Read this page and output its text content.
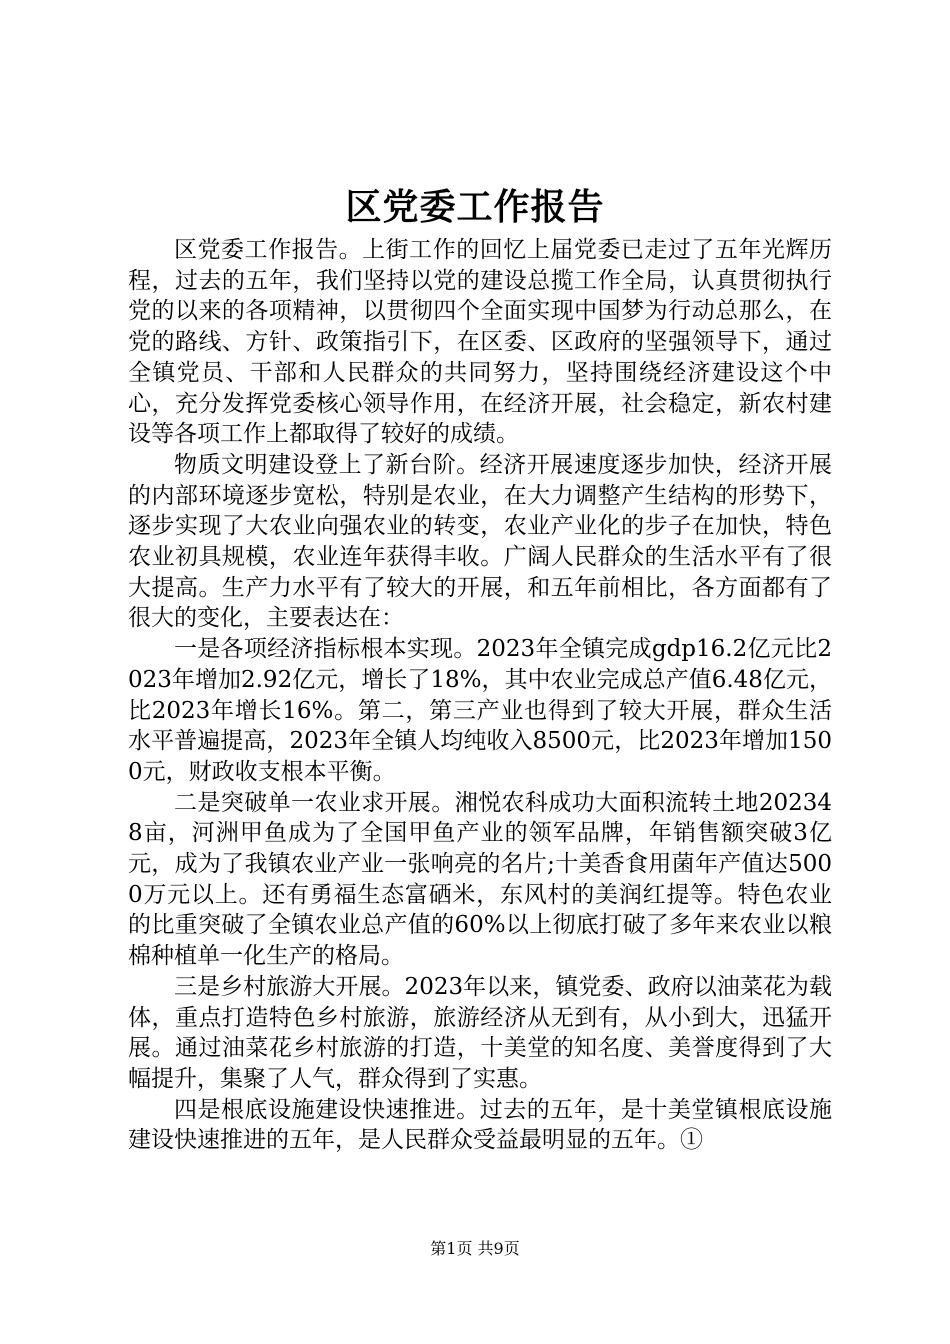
区党委工作报告

区党委工作报告。上街工作的回忆上届党委已走过了五年光辉历程，过去的五年，我们坚持以党的建设总揽工作全局，认真贯彻执行党的以来的各项精神，以贯彻四个全面实现中国梦为行动总那么，在党的路线、方针、政策指引下，在区委、区政府的坚强领导下，通过全镇党员、干部和人民群众的共同努力，坚持围绕经济建设这个中心，充分发挥党委核心领导作用，在经济开展，社会稳定，新农村建设等各项工作上都取得了较好的成绩。

物质文明建设登上了新台阶。经济开展速度逐步加快，经济开展的内部环境逐步宽松，特别是农业，在大力调整产生结构的形势下，逐步实现了大农业向强农业的转变，农业产业化的步子在加快，特色农业初具规模，农业连年获得丰收。广阔人民群众的生活水平有了很大提高。生产力水平有了较大的开展，和五年前相比，各方面都有了很大的变化，主要表达在：

一是各项经济指标根本实现。2023年全镇完成gdp16.2亿元比2023年增加2.92亿元，增长了18%，其中农业完成总产值6.48亿元，比2023年增长16%。第二，第三产业也得到了较大开展，群众生活水平普遍提高，2023年全镇人均纯收入8500元，比2023年增加1500元，财政收支根本平衡。

二是突破单一农业求开展。湘悦农科成功大面积流转土地202348亩，河洲甲鱼成为了全国甲鱼产业的领军品牌，年销售额突破3亿元，成为了我镇农业产业一张响亮的名片;十美香食用菌年产值达5000万元以上。还有勇福生态富硒米，东风村的美润红提等。特色农业的比重突破了全镇农业总产值的60%以上彻底打破了多年来农业以粮棉种植单一化生产的格局。

三是乡村旅游大开展。2023年以来，镇党委、政府以油菜花为载体，重点打造特色乡村旅游，旅游经济从无到有，从小到大，迅猛开展。通过油菜花乡村旅游的打造，十美堂的知名度、美誉度得到了大幅提升，集聚了人气，群众得到了实惠。

四是根底设施建设快速推进。过去的五年，是十美堂镇根底设施建设快速推进的五年，是人民群众受益最明显的五年。①

第1页 共9页
